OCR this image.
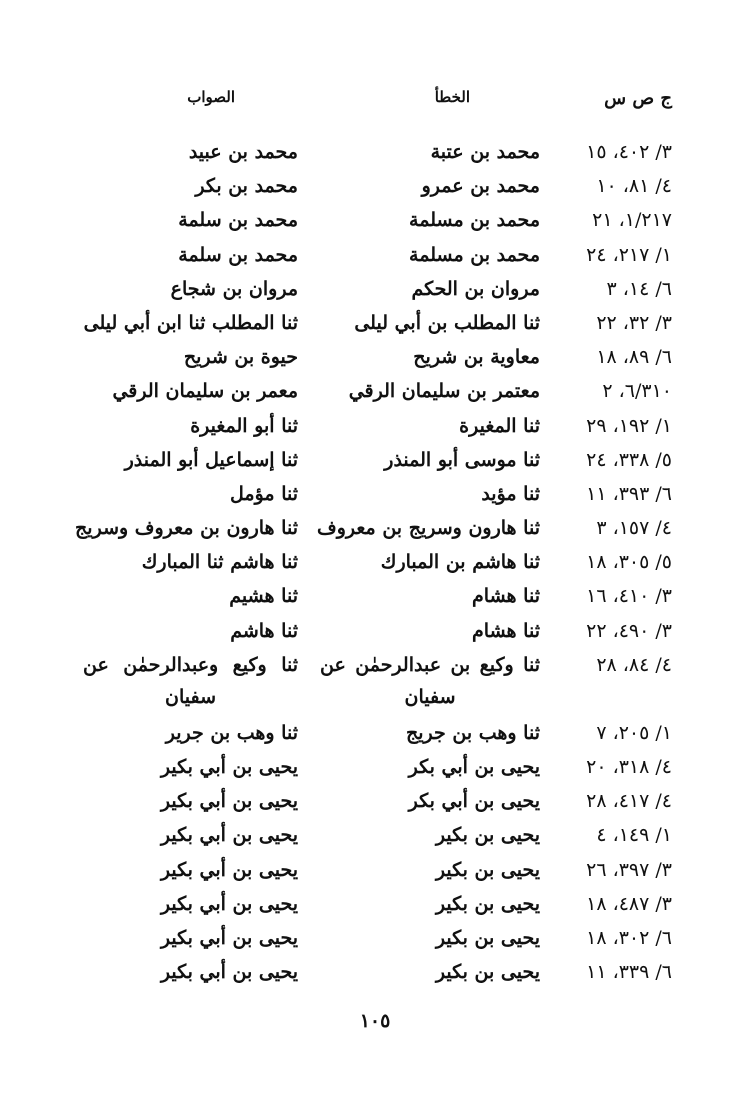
ج ص س
الخطأ
الصواب
٣/ ٤٠٢، ١٥
محمد بن عتبة
محمد بن عبيد
٤/ ٨١، ١٠
محمد بن عمرو
محمد بن بكر
١/٢١٧، ٢١
محمد بن مسلمة
محمد بن سلمة
١/ ٢١٧، ٢٤
محمد بن مسلمة
محمد بن سلمة
٦/ ١٤، ٣
مروان بن الحكم
مروان بن شجاع
٣/ ٣٢، ٢٢
ثنا المطلب بن أبي ليلى
ثنا المطلب ثنا ابن أبي ليلى
٦/ ٨٩، ١٨
معاوية بن شريح
حيوة بن شريح
٦/٣١٠، ٢
معتمر بن سليمان الرقي
معمر بن سليمان الرقي
١/ ١٩٢، ٢٩
ثنا المغيرة
ثنا أبو المغيرة
٥/ ٣٣٨، ٢٤
ثنا موسى أبو المنذر
ثنا إسماعيل أبو المنذر
٦/ ٣٩٣، ١١
ثنا مؤيد
ثنا مؤمل
٤/ ١٥٧، ٣
ثنا هارون وسريج بن معروف
ثنا هارون بن معروف وسريج
٥/ ٣٠٥، ١٨
ثنا هاشم بن المبارك
ثنا هاشم ثنا المبارك
٣/ ٤١٠، ١٦
ثنا هشام
ثنا هشيم
٣/ ٤٩٠، ٢٢
ثنا هشام
ثنا هاشم
٤/ ٨٤، ٢٨
ثنا وكيع بن عبدالرحمٰن عن سفيان
ثنا وكيع وعبدالرحمٰن عن سفيان
١/ ٢٠٥، ٧
ثنا وهب بن جريج
ثنا وهب بن جرير
٤/ ٣١٨، ٢٠
يحيى بن أبي بكر
يحيى بن أبي بكير
٤/ ٤١٧، ٢٨
يحيى بن أبي بكر
يحيى بن أبي بكير
١/ ١٤٩، ٤
يحيى بن بكير
يحيى بن أبي بكير
٣/ ٣٩٧، ٢٦
يحيى بن بكير
يحيى بن أبي بكير
٣/ ٤٨٧، ١٨
يحيى بن بكير
يحيى بن أبي بكير
٦/ ٣٠٢، ١٨
يحيى بن بكير
يحيى بن أبي بكير
٦/ ٣٣٩، ١١
يحيى بن بكير
يحيى بن أبي بكير
١٠٥
